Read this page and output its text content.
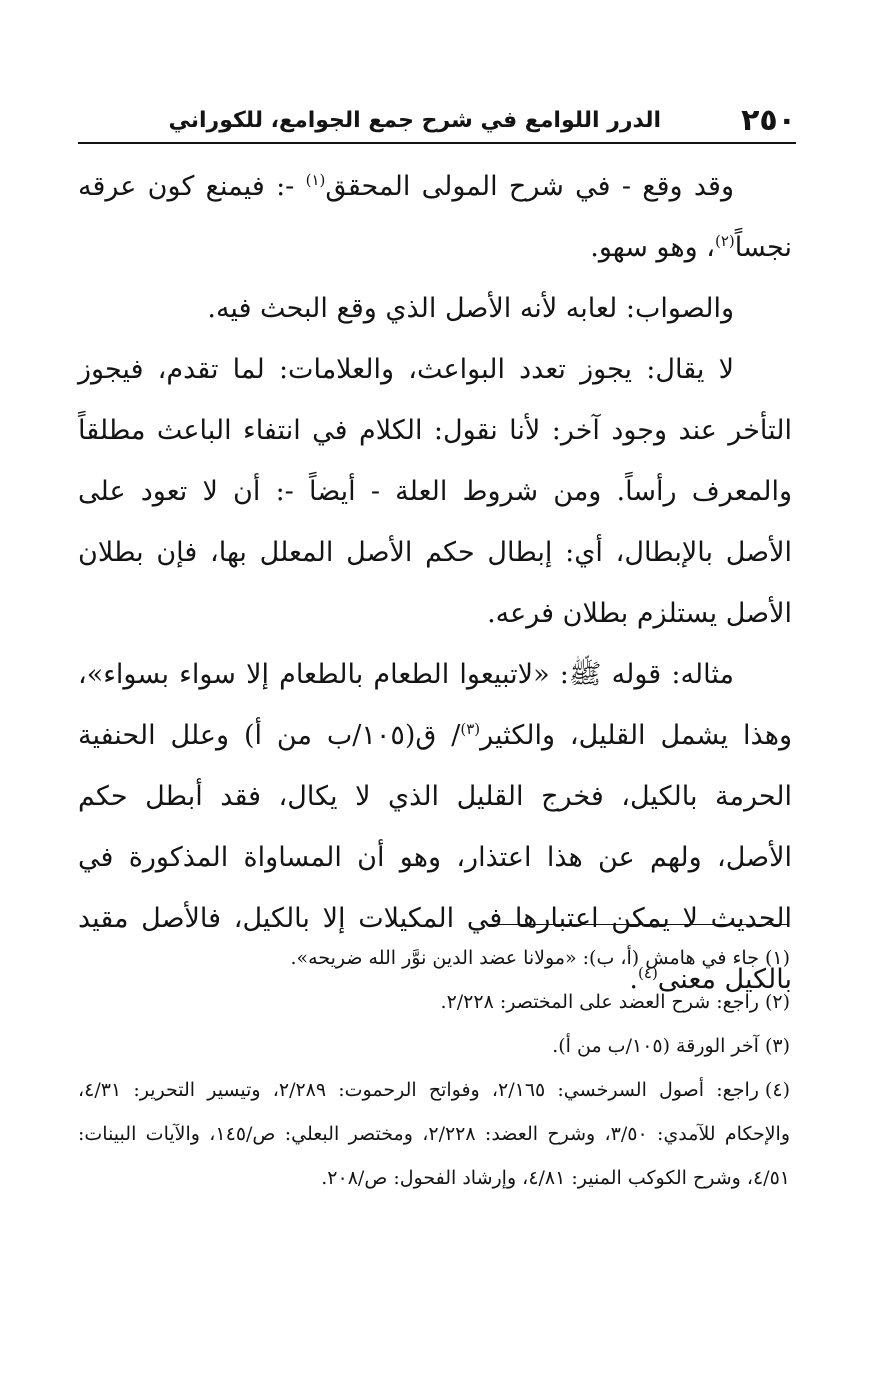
٢٥٠
الدرر اللوامع في شرح جمع الجوامع، للكوراني

وقد وقع - في شرح المولى المحقق$^{(١)}$ -: فيمنع كون عرقه نجساً$^{(٢)}$، وهو سهو.

والصواب: لعابه لأنه الأصل الذي وقع البحث فيه.

لا يقال: يجوز تعدد البواعث، والعلامات: لما تقدم، فيجوز التأخر عند وجود آخر: لأنا نقول: الكلام في انتفاء الباعث مطلقاً والمعرف رأساً. ومن شروط العلة - أيضاً -: أن لا تعود على الأصل بالإبطال، أي: إبطال حكم الأصل المعلل بها، فإن بطلان الأصل يستلزم بطلان فرعه.

مثاله: قوله ﷺ: «لاتبيعوا الطعام بالطعام إلا سواء بسواء»، وهذا يشمل القليل، والكثير$^{(٣)}$/ ق(١٠٥/ب من أ) وعلل الحنفية الحرمة بالكيل، فخرج القليل الذي لا يكال، فقد أبطل حكم الأصل، ولهم عن هذا اعتذار، وهو أن المساواة المذكورة في الحديث لا يمكن اعتبارها في المكيلات إلا بالكيل، فالأصل مقيد بالكيل معنى$^{(٤)}$.

(١)جاء في هامش (أ، ب): «مولانا عضد الدين نوَّر الله ضريحه».

(٢)راجع: شرح العضد على المختصر: ٢/٢٢٨.

(٣)آخر الورقة (١٠٥/ب من أ).

(٤)راجع: أصول السرخسي: ٢/١٦٥، وفواتح الرحموت: ٢/٢٨٩، وتيسير التحرير: ٤/٣١، والإحكام للآمدي: ٣/٥٠، وشرح العضد: ٢/٢٢٨، ومختصر البعلي: ص/١٤٥، والآيات البينات: ٤/٥١، وشرح الكوكب المنير: ٤/٨١، وإرشاد الفحول: ص/٢٠٨.
